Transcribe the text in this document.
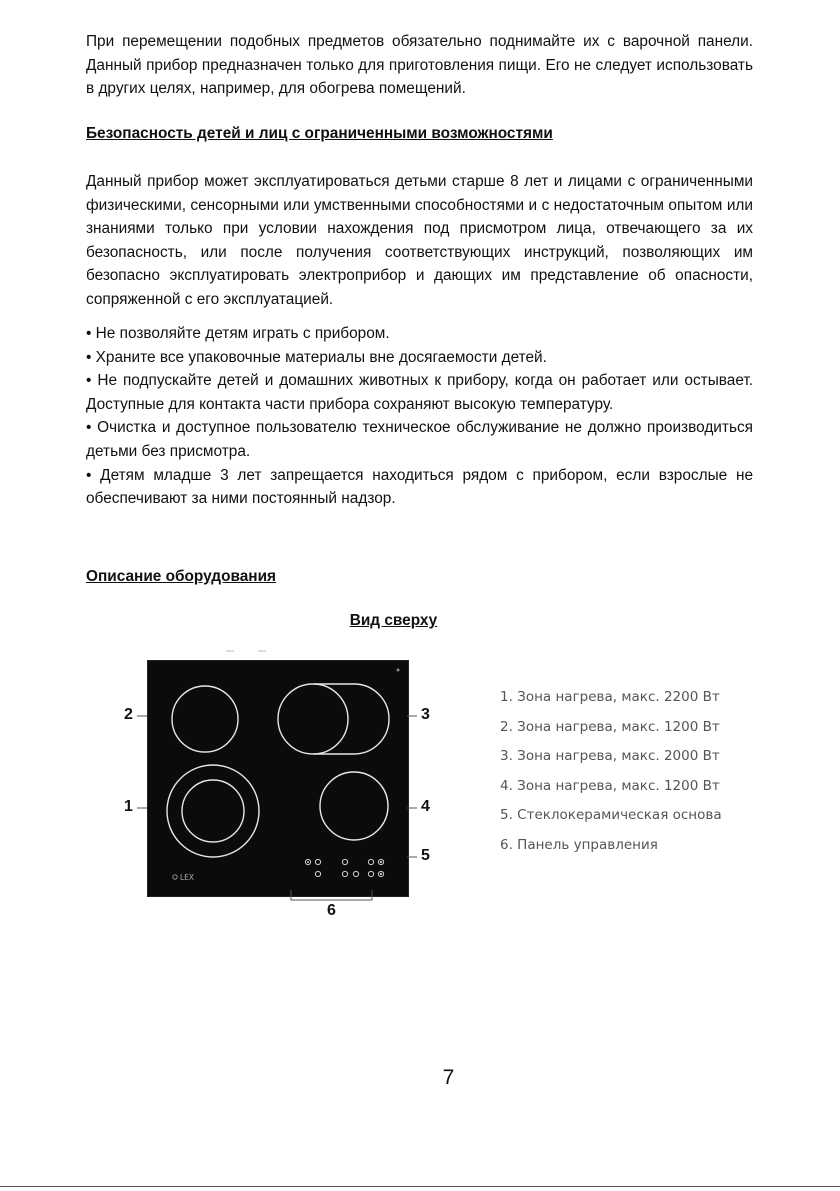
При перемещении подобных предметов обязательно поднимайте их с варочной панели. Данный прибор предназначен только для приготовления пищи. Его не следует использовать в других целях, например, для обогрева помещений.

Безопасность детей и лиц с ограниченными возможностями

Данный прибор может эксплуатироваться детьми старше 8 лет и лицами с ограниченными физическими, сенсорными или умственными способностями и с недостаточным опытом или знаниями только при условии нахождения под присмотром лица, отвечающего за их безопасность, или после получения соответствующих инструкций, позволяющих им безопасно эксплуатировать электроприбор и дающих им представление об опасности, сопряженной с его эксплуатацией.

• Не позволяйте детям играть с прибором.
• Храните все упаковочные материалы вне досягаемости детей.
• Не подпускайте детей и домашних животных к прибору, когда он работает или остывает. Доступные для контакта части прибора сохраняют высокую температуру.
• Очистка и доступное пользователю техническое обслуживание не должно производиться детьми без присмотра.
• Детям младше 3 лет запрещается находиться рядом с прибором, если взрослые не обеспечивают за ними постоянный надзор.

Описание оборудования

Вид сверху

LEX
2	3
1	4
5
6
1. Зона нагрева, макс. 2200 Вт
2. Зона нагрева, макс. 1200 Вт
3. Зона нагрева, макс. 2000 Вт
4. Зона нагрева, макс. 1200 Вт
5. Стеклокерамическая основа
6. Панель управления
7
